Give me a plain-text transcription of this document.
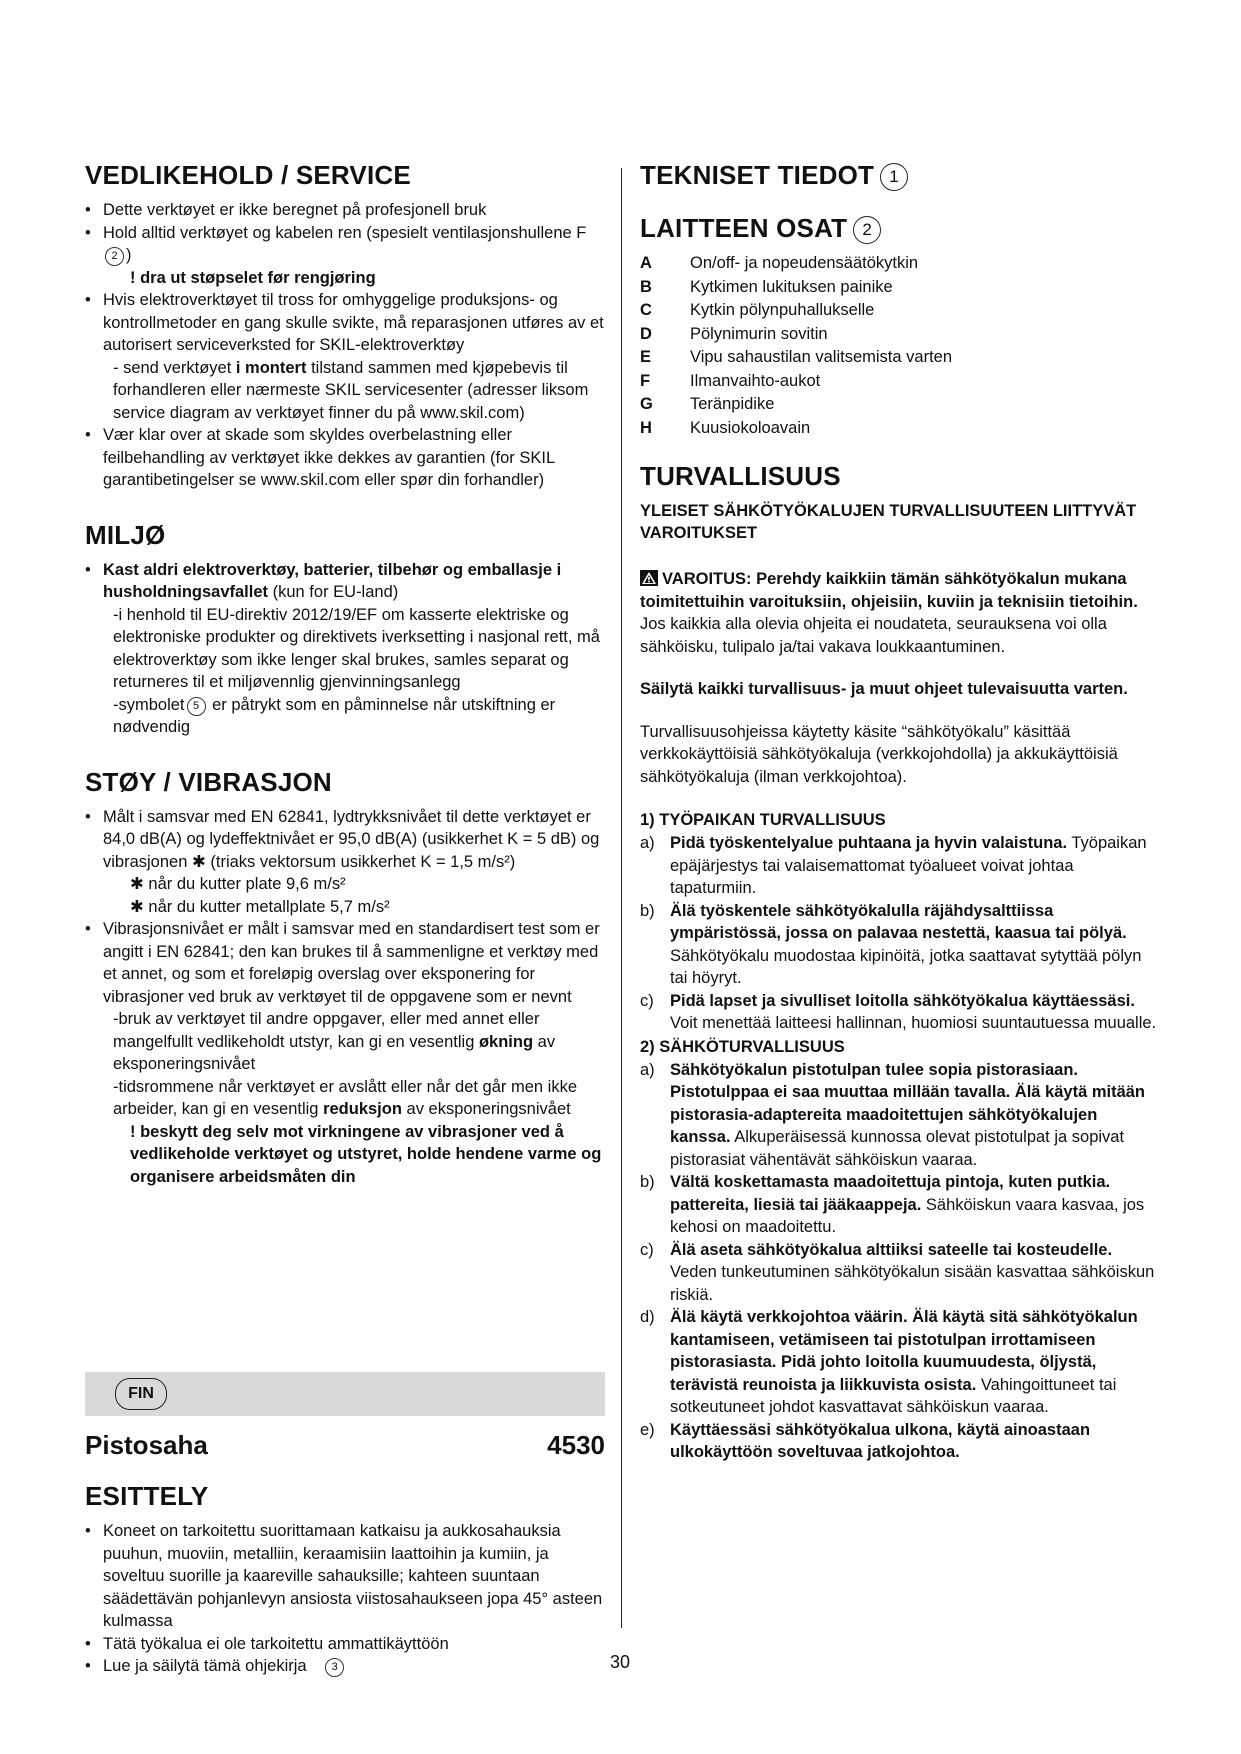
VEDLIKEHOLD / SERVICE
• Dette verktøyet er ikke beregnet på profesjonell bruk
• Hold alltid verktøyet og kabelen ren (spesielt ventilasjonshullene F 2 )

! dra ut støpselet før rengjøring

• Hvis elektroverktøyet til tross for omhyggelige produksjons- og kontrollmetoder en gang skulle svikte, må reparasjonen utføres av et autorisert serviceverksted for SKIL-elektroverktøy

- send verktøyet i montert tilstand sammen med kjøpebevis til forhandleren eller nærmeste SKIL servicesenter (adresser liksom service diagram av verktøyet finner du på www.skil.com)

• Vær klar over at skade som skyldes overbelastning eller feilbehandling av verktøyet ikke dekkes av garantien (for SKIL garantibetingelser se www.skil.com eller spør din forhandler)
MILJØ
• Kast aldri elektroverktøy, batterier, tilbehør og emballasje i husholdningsavfallet (kun for EU-land)

-i henhold til EU-direktiv 2012/19/EF om kasserte elektriske og elektroniske produkter og direktivets iverksetting i nasjonal rett, må elektroverktøy som ikke lenger skal brukes, samles separat og returneres til et miljøvennlig gjenvinningsanlegg

-symbolet 5 er påtrykt som en påminnelse når utskiftning er nødvendig

STØY / VIBRASJON
• Målt i samsvar med EN 62841, lydtrykksnivået til dette verktøyet er 84,0 dB(A) og lydeffektnivået er 95,0 dB(A) (usikkerhet K = 5 dB) og vibrasjonen ✱ (triaks vektorsum usikkerhet K = 1,5 m/s²)

✱ når du kutter plate 9,6 m/s²

✱ når du kutter metallplate 5,7 m/s²

• Vibrasjonsnivået er målt i samsvar med en standardisert test som er angitt i EN 62841; den kan brukes til å sammenligne et verktøy med et annet, og som et foreløpig overslag over eksponering for vibrasjoner ved bruk av verktøyet til de oppgavene som er nevnt

-bruk av verktøyet til andre oppgaver, eller med annet eller mangelfullt vedlikeholdt utstyr, kan gi en vesentlig økning av eksponeringsnivået

-tidsrommene når verktøyet er avslått eller når det går men ikke arbeider, kan gi en vesentlig reduksjon av eksponeringsnivået

! beskytt deg selv mot virkningene av vibrasjoner ved å vedlikeholde verktøyet og utstyret, holde hendene varme og organisere arbeidsmåten din

FIN
Pistosaha	4530
ESITTELY
• Koneet on tarkoitettu suorittamaan katkaisu ja aukkosahauksia puuhun, muoviin, metalliin, keraamisiin laattoihin ja kumiin, ja soveltuu suorille ja kaareville sahauksille; kahteen suuntaan säädettävän pohjanlevyn ansiosta viistosahaukseen jopa 45° asteen kulmassa
• Tätä työkalua ei ole tarkoitettu ammattikäyttöön
• Lue ja säilytä tämä ohjekirja 3
TEKNISET TIEDOT 1
LAITTEEN OSAT 2
A	On/off- ja nopeudensäätökytkin
B	Kytkimen lukituksen painike
C	Kytkin pölynpuhallukselle
D	Pölynimurin sovitin
E	Vipu sahaustilan valitsemista varten
F	Ilmanvaihto-aukot
G	Teränpidike
H	Kuusiokoloavain
TURVALLISUUS

YLEISET SÄHKÖTYÖKALUJEN TURVALLISUUTEEN LIITTYVÄT VAROITUKSET

VAROITUS: Perehdy kaikkiin tämän sähkötyökalun mukana toimitettuihin varoituksiin, ohjeisiin, kuviin ja teknisiin tietoihin. Jos kaikkia alla olevia ohjeita ei noudateta, seurauksena voi olla sähköisku, tulipalo ja/tai vakava loukkaantuminen.

Säilytä kaikki turvallisuus- ja muut ohjeet tulevaisuutta varten.

Turvallisuusohjeissa käytetty käsite “sähkötyökalu” käsittää verkkokäyttöisiä sähkötyökaluja (verkkojohdolla) ja akkukäyttöisiä sähkötyökaluja (ilman verkkojohtoa).

1) TYÖPAIKAN TURVALLISUUS

a) Pidä työskentelyalue puhtaana ja hyvin valaistuna. Työpaikan epäjärjestys tai valaisemattomat työalueet voivat johtaa tapaturmiin.
b) Älä työskentele sähkötyökalulla räjähdysalttiissa ympäristössä, jossa on palavaa nestettä, kaasua tai pölyä. Sähkötyökalu muodostaa kipinöitä, jotka saattavat sytyttää pölyn tai höyryt.
c) Pidä lapset ja sivulliset loitolla sähkötyökalua käyttäessäsi. Voit menettää laitteesi hallinnan, huomiosi suuntautuessa muualle.

2) SÄHKÖTURVALLISUUS

a) Sähkötyökalun pistotulpan tulee sopia pistorasiaan. Pistotulppaa ei saa muuttaa millään tavalla. Älä käytä mitään pistorasia-adaptereita maadoitettujen sähkötyökalujen kanssa. Alkuperäisessä kunnossa olevat pistotulpat ja sopivat pistorasiat vähentävät sähköiskun vaaraa.
b) Vältä koskettamasta maadoitettuja pintoja, kuten putkia. pattereita, liesiä tai jääkaappeja. Sähköiskun vaara kasvaa, jos kehosi on maadoitettu.
c) Älä aseta sähkötyökalua alttiiksi sateelle tai kosteudelle. Veden tunkeutuminen sähkötyökalun sisään kasvattaa sähköiskun riskiä.
d) Älä käytä verkkojohtoa väärin. Älä käytä sitä sähkötyökalun kantamiseen, vetämiseen tai pistotulpan irrottamiseen pistorasiasta. Pidä johto loitolla kuumuudesta, öljystä, terävistä reunoista ja liikkuvista osista. Vahingoittuneet tai sotkeutuneet johdot kasvattavat sähköiskun vaaraa.
e) Käyttäessäsi sähkötyökalua ulkona, käytä ainoastaan ulkokäyttöön soveltuvaa jatkojohtoa.
30
